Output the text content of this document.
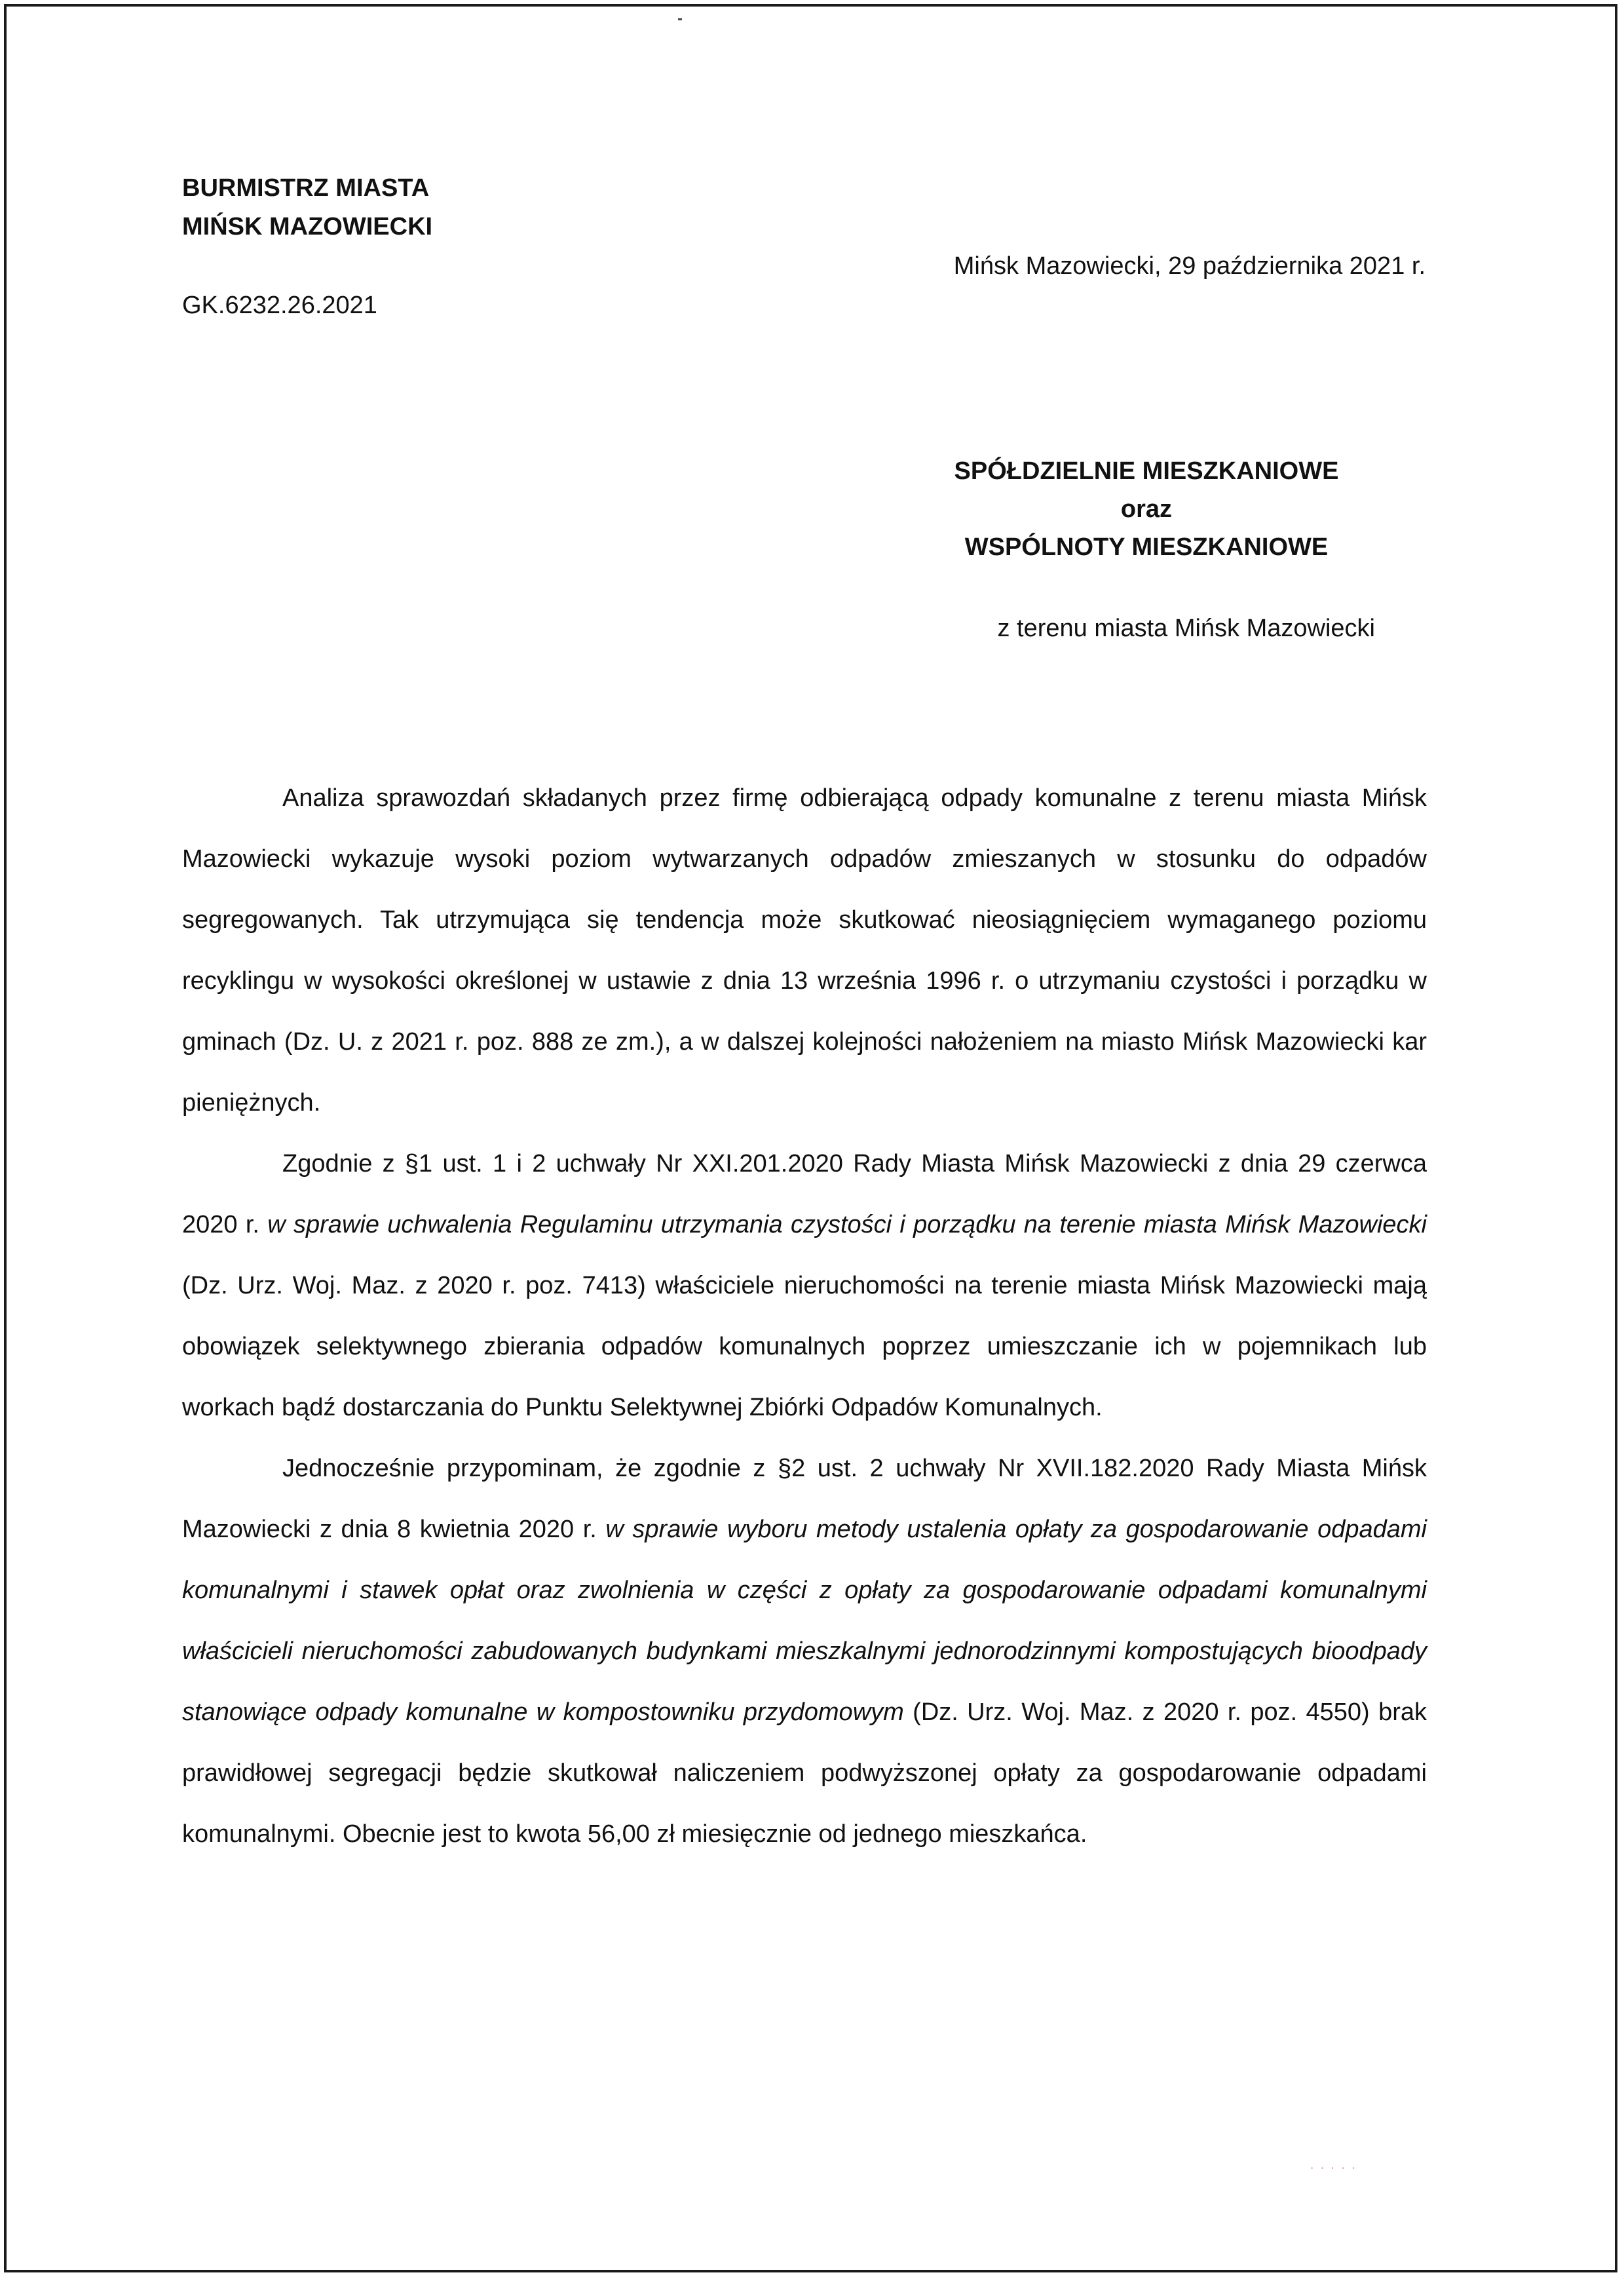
BURMISTRZ MIASTA
MIŃSK MAZOWIECKI
GK.6232.26.2021
Mińsk Mazowiecki, 29 października 2021 r.
SPÓŁDZIELNIE MIESZKANIOWE
oraz
WSPÓLNOTY MIESZKANIOWE
z terenu miasta Mińsk Mazowiecki

Analiza sprawozdań składanych przez firmę odbierającą odpady komunalne z terenu miasta Mińsk Mazowiecki wykazuje wysoki poziom wytwarzanych odpadów zmieszanych w stosunku do odpadów segregowanych. Tak utrzymująca się tendencja może skutkować nieosiągnięciem wymaganego poziomu recyklingu w wysokości określonej w ustawie z dnia 13 września 1996 r. o utrzymaniu czystości i porządku w gminach (Dz. U. z 2021 r. poz. 888 ze zm.), a w dalszej kolejności nałożeniem na miasto Mińsk Mazowiecki kar pieniężnych.

Zgodnie z §1 ust. 1 i 2 uchwały Nr XXI.201.2020 Rady Miasta Mińsk Mazowiecki z dnia 29 czerwca 2020 r. w sprawie uchwalenia Regulaminu utrzymania czystości i porządku na terenie miasta Mińsk Mazowiecki (Dz. Urz. Woj. Maz. z 2020 r. poz. 7413) właściciele nieruchomości na terenie miasta Mińsk Mazowiecki mają obowiązek selektywnego zbierania odpadów komunalnych poprzez umieszczanie ich w pojemnikach lub workach bądź dostarczania do Punktu Selektywnej Zbiórki Odpadów Komunalnych.

Jednocześnie przypominam, że zgodnie z §2 ust. 2 uchwały Nr XVII.182.2020 Rady Miasta Mińsk Mazowiecki z dnia 8 kwietnia 2020 r. w sprawie wyboru metody ustalenia opłaty za gospodarowanie odpadami komunalnymi i stawek opłat oraz zwolnienia w części z opłaty za gospodarowanie odpadami komunalnymi właścicieli nieruchomości zabudowanych budynkami mieszkalnymi jednorodzinnymi kompostujących bioodpady stanowiące odpady komunalne w kompostowniku przydomowym (Dz. Urz. Woj. Maz. z 2020 r. poz. 4550) brak prawidłowej segregacji będzie skutkował naliczeniem podwyższonej opłaty za gospodarowanie odpadami komunalnymi. Obecnie jest to kwota 56,00 zł miesięcznie od jednego mieszkańca.

· · · · ·
